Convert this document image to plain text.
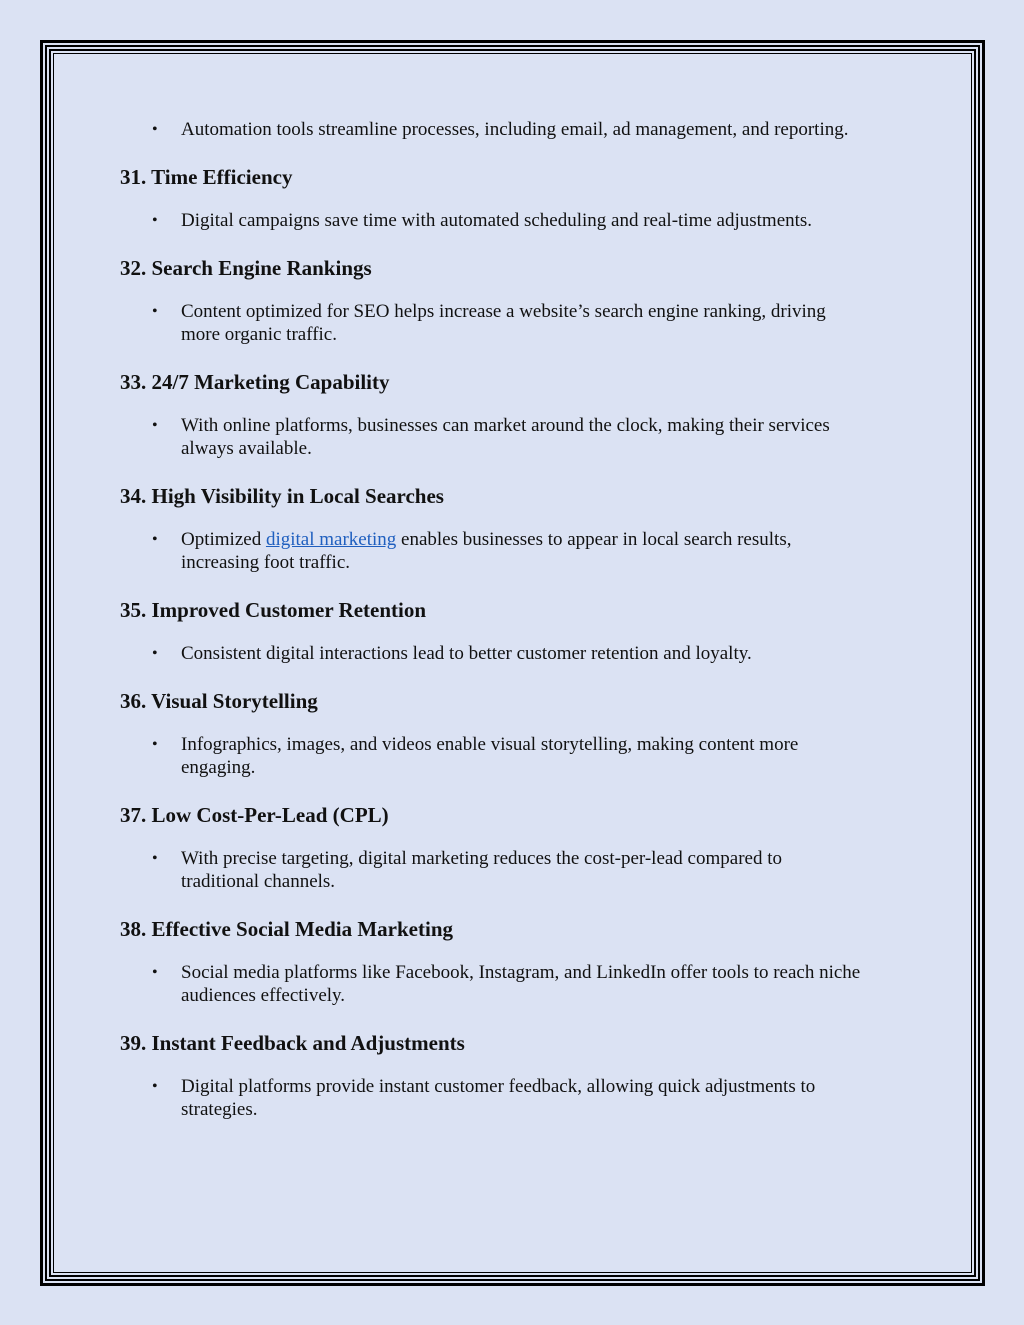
• Automation tools streamline processes, including email, ad management, and reporting.
31. Time Efficiency
• Digital campaigns save time with automated scheduling and real-time adjustments.
32. Search Engine Rankings
• Content optimized for SEO helps increase a website’s search engine ranking, driving
more organic traffic.
33. 24/7 Marketing Capability
• With online platforms, businesses can market around the clock, making their services
always available.
34. High Visibility in Local Searches
• Optimized digital marketing enables businesses to appear in local search results,
increasing foot traffic.
35. Improved Customer Retention
• Consistent digital interactions lead to better customer retention and loyalty.
36. Visual Storytelling
• Infographics, images, and videos enable visual storytelling, making content more
engaging.
37. Low Cost-Per-Lead (CPL)
• With precise targeting, digital marketing reduces the cost-per-lead compared to
traditional channels.
38. Effective Social Media Marketing
• Social media platforms like Facebook, Instagram, and LinkedIn offer tools to reach niche
audiences effectively.
39. Instant Feedback and Adjustments
• Digital platforms provide instant customer feedback, allowing quick adjustments to
strategies.
